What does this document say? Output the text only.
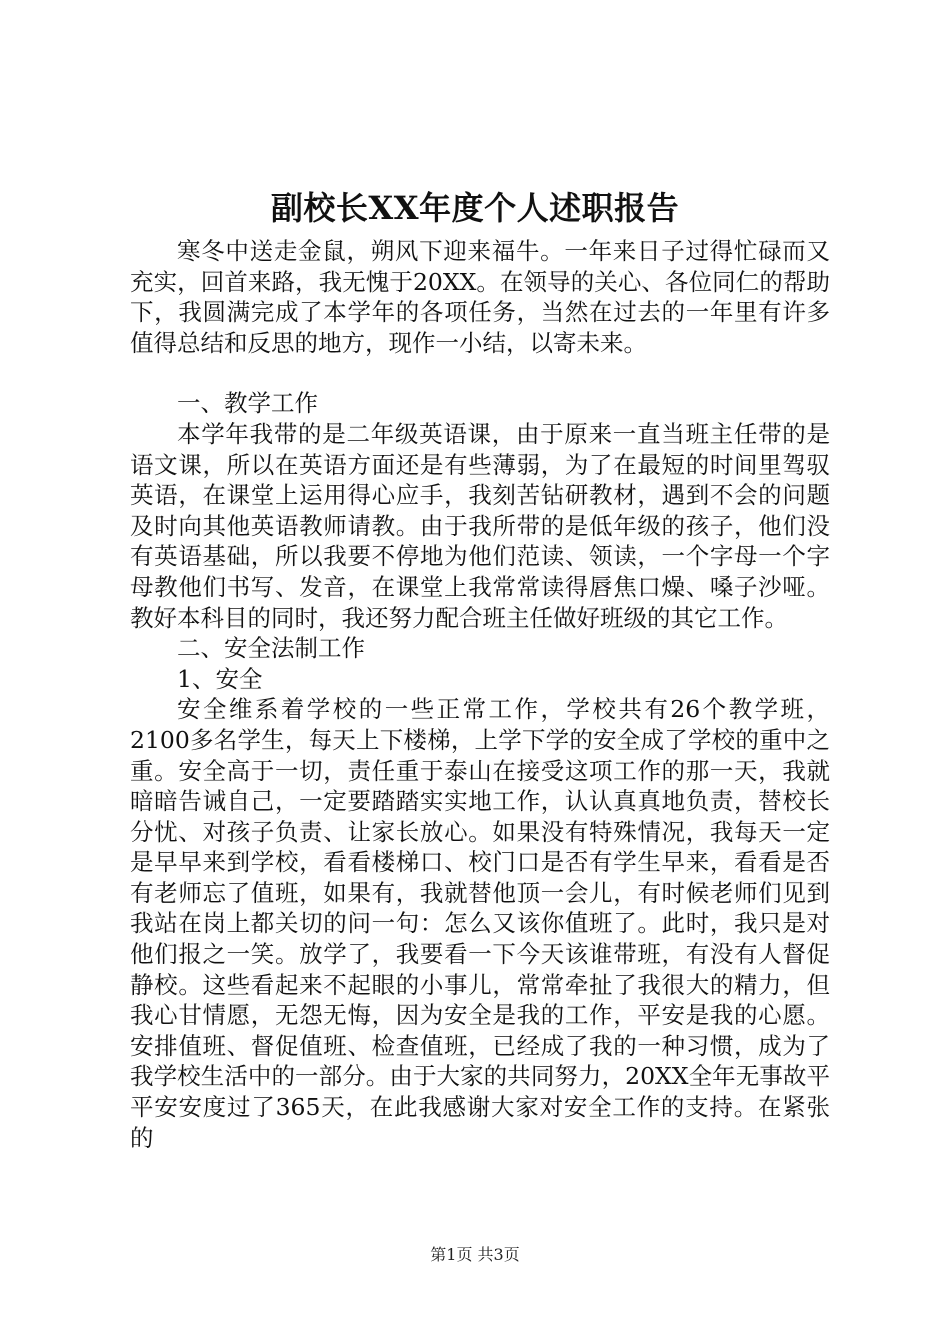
副校长XX年度个人述职报告

寒冬中送走金鼠，朔风下迎来福牛。一年来日子过得忙碌而又充实，回首来路，我无愧于20XX。在领导的关心、各位同仁的帮助下，我圆满完成了本学年的各项任务，当然在过去的一年里有许多值得总结和反思的地方，现作一小结，以寄未来。

一、教学工作

本学年我带的是二年级英语课，由于原来一直当班主任带的是语文课，所以在英语方面还是有些薄弱，为了在最短的时间里驾驭英语，在课堂上运用得心应手，我刻苦钻研教材，遇到不会的问题及时向其他英语教师请教。由于我所带的是低年级的孩子，他们没有英语基础，所以我要不停地为他们范读、领读，一个字母一个字母教他们书写、发音，在课堂上我常常读得唇焦口燥、嗓子沙哑。教好本科目的同时，我还努力配合班主任做好班级的其它工作。

二、安全法制工作

1、安全

安全维系着学校的一些正常工作，学校共有26个教学班，2100多名学生，每天上下楼梯，上学下学的安全成了学校的重中之重。安全高于一切，责任重于泰山在接受这项工作的那一天，我就暗暗告诫自己，一定要踏踏实实地工作，认认真真地负责，替校长分忧、对孩子负责、让家长放心。如果没有特殊情况，我每天一定是早早来到学校，看看楼梯口、校门口是否有学生早来，看看是否有老师忘了值班，如果有，我就替他顶一会儿，有时候老师们见到我站在岗上都关切的问一句：怎么又该你值班了。此时，我只是对他们报之一笑。放学了，我要看一下今天该谁带班，有没有人督促静校。这些看起来不起眼的小事儿，常常牵扯了我很大的精力，但我心甘情愿，无怨无悔，因为安全是我的工作，平安是我的心愿。安排值班、督促值班、检查值班，已经成了我的一种习惯，成为了我学校生活中的一部分。由于大家的共同努力，20XX全年无事故平平安安度过了365天，在此我感谢大家对安全工作的支持。在紧张的

第1页 共3页
